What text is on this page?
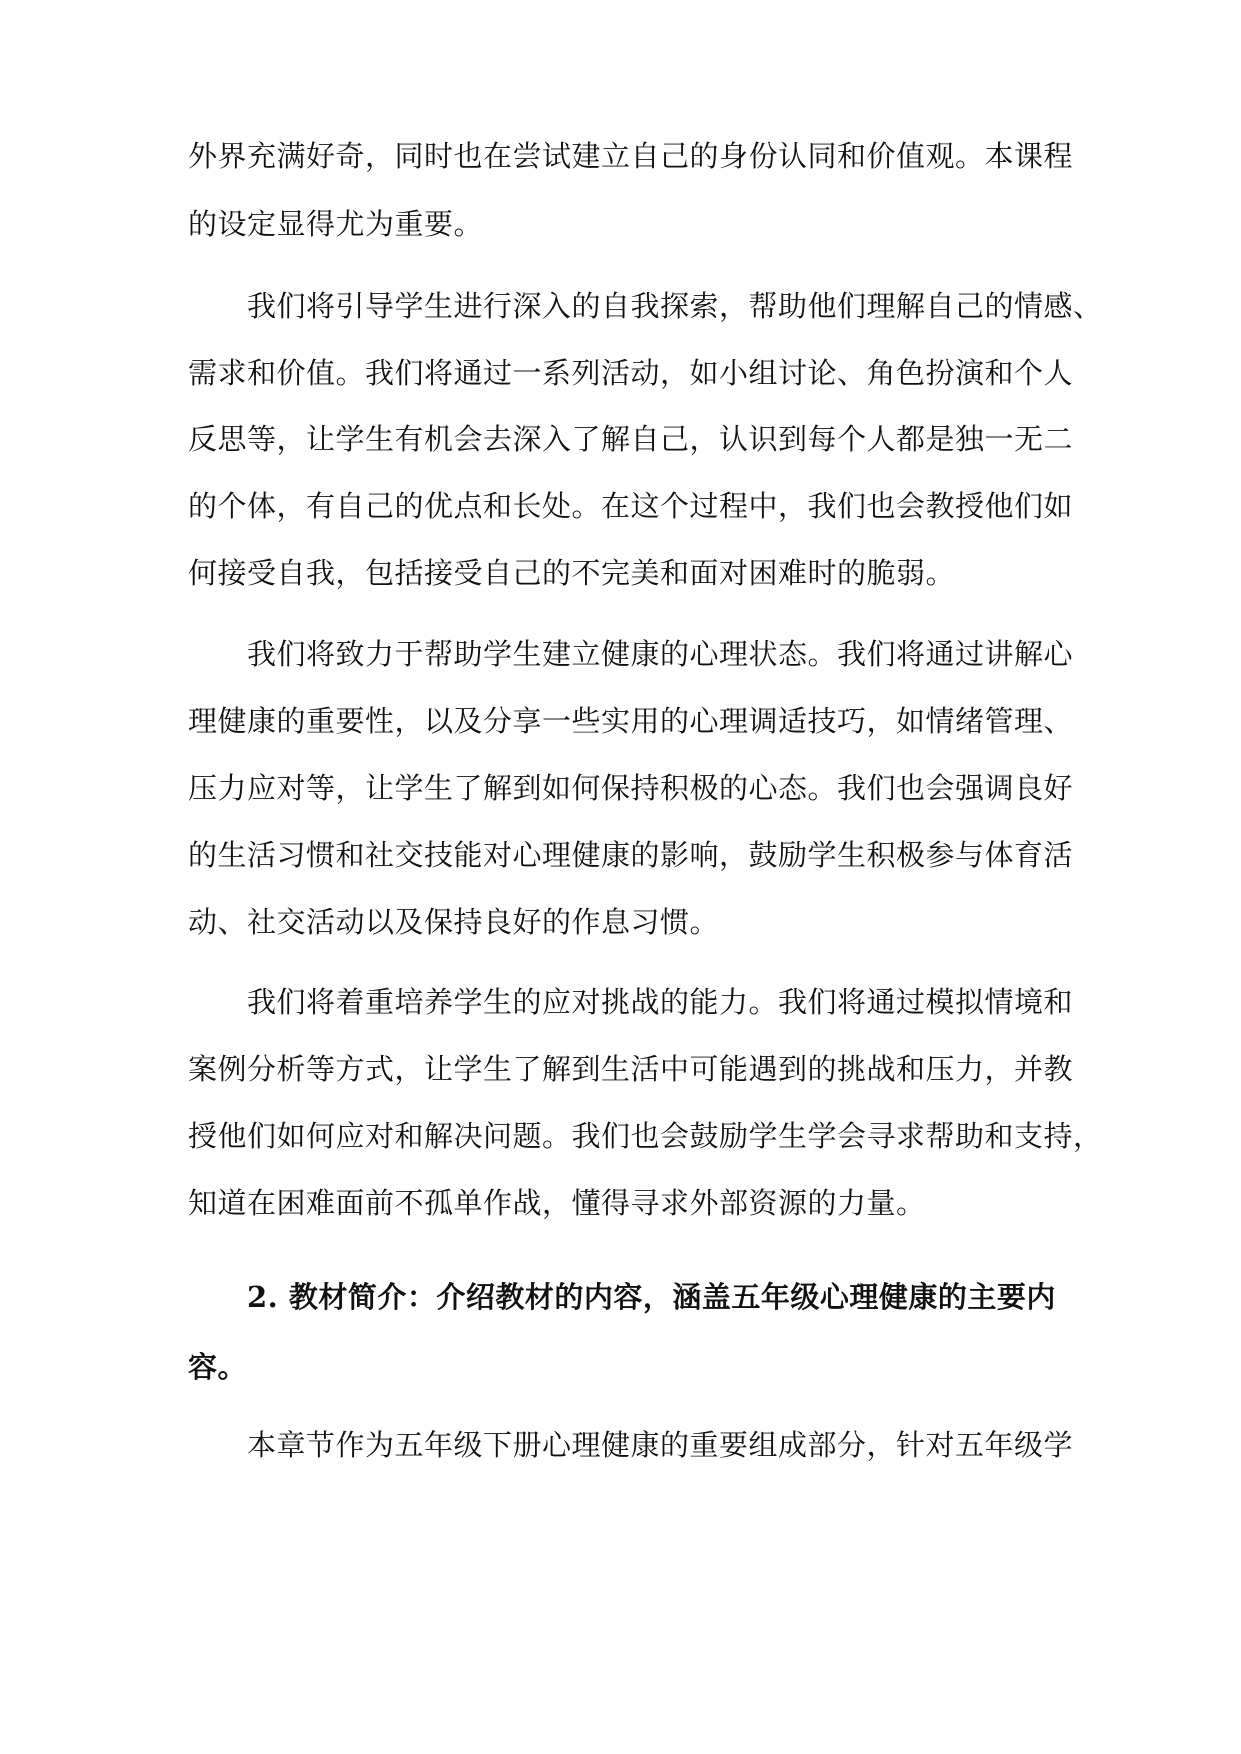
外界充满好奇，同时也在尝试建立自己的身份认同和价值观。本课程
的设定显得尤为重要。
　　我们将引导学生进行深入的自我探索，帮助他们理解自己的情感、
需求和价值。我们将通过一系列活动，如小组讨论、角色扮演和个人
反思等，让学生有机会去深入了解自己，认识到每个人都是独一无二
的个体，有自己的优点和长处。在这个过程中，我们也会教授他们如
何接受自我，包括接受自己的不完美和面对困难时的脆弱。
　　我们将致力于帮助学生建立健康的心理状态。我们将通过讲解心
理健康的重要性，以及分享一些实用的心理调适技巧，如情绪管理、
压力应对等，让学生了解到如何保持积极的心态。我们也会强调良好
的生活习惯和社交技能对心理健康的影响，鼓励学生积极参与体育活
动、社交活动以及保持良好的作息习惯。
　　我们将着重培养学生的应对挑战的能力。我们将通过模拟情境和
案例分析等方式，让学生了解到生活中可能遇到的挑战和压力，并教
授他们如何应对和解决问题。我们也会鼓励学生学会寻求帮助和支持，
知道在困难面前不孤单作战，懂得寻求外部资源的力量。
　　2. 教材简介：介绍教材的内容，涵盖五年级心理健康的主要内
容。
　　本章节作为五年级下册心理健康的重要组成部分，针对五年级学
